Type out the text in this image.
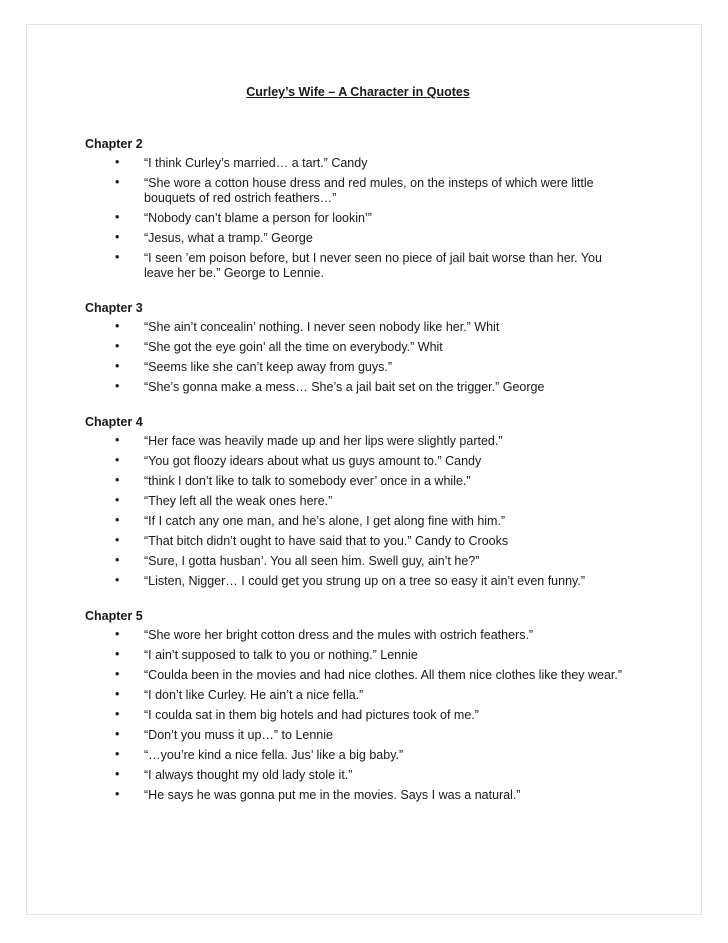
Curley’s Wife – A Character in Quotes
Chapter 2
• “I think Curley’s married… a tart.” Candy
• “She wore a cotton house dress and red mules, on the insteps of which were little bouquets of red ostrich feathers…”
• “Nobody can’t blame a person for lookin’”
• “Jesus, what a tramp.” George
• “I seen ’em poison before, but I never seen no piece of jail bait worse than her. You leave her be.” George to Lennie.
Chapter 3
• “She ain’t concealin’ nothing. I never seen nobody like her.” Whit
• “She got the eye goin’ all the time on everybody.” Whit
• “Seems like she can’t keep away from guys.”
• “She’s gonna make a mess… She’s a jail bait set on the trigger.” George
Chapter 4
• “Her face was heavily made up and her lips were slightly parted.”
• “You got floozy idears about what us guys amount to.” Candy
• “think I don’t like to talk to somebody ever’ once in a while.”
• “They left all the weak ones here.”
• “If I catch any one man, and he’s alone, I get along fine with him.”
• “That bitch didn’t ought to have said that to you.” Candy to Crooks
• “Sure, I gotta husban’. You all seen him. Swell guy, ain’t he?”
• “Listen, Nigger… I could get you strung up on a tree so easy it ain’t even funny.”
Chapter 5
• “She wore her bright cotton dress and the mules with ostrich feathers.”
• “I ain’t supposed to talk to you or nothing.” Lennie
• “Coulda been in the movies and had nice clothes. All them nice clothes like they wear.”
• “I don’t like Curley. He ain’t a nice fella.”
• “I coulda sat in them big hotels and had pictures took of me.”
• “Don’t you muss it up…” to Lennie
• “…you’re kind a nice fella. Jus’ like a big baby.”
• “I always thought my old lady stole it.”
• “He says he was gonna put me in the movies. Says I was a natural.”
